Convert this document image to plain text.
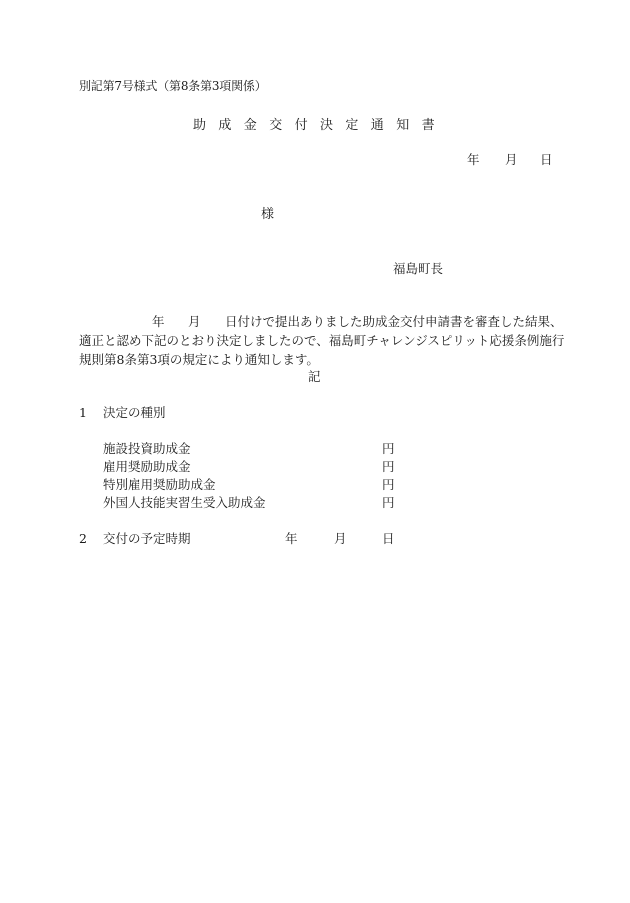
別記第7号様式（第8条第3項関係）
助成金交付決定通知書
年 月 日
様
福島町長
年 月 日付けで提出ありました助成金交付申請書を審査した結果、
適正と認め下記のとおり決定しましたので、福島町チャレンジスピリット応援条例施行
規則第8条第3項の規定により通知します。
記
1 決定の種別
施設投資助成金	円
雇用奨励助成金	円
特別雇用奨励助成金	円
外国人技能実習生受入助成金	円
2 交付の予定時期	年	月	日
